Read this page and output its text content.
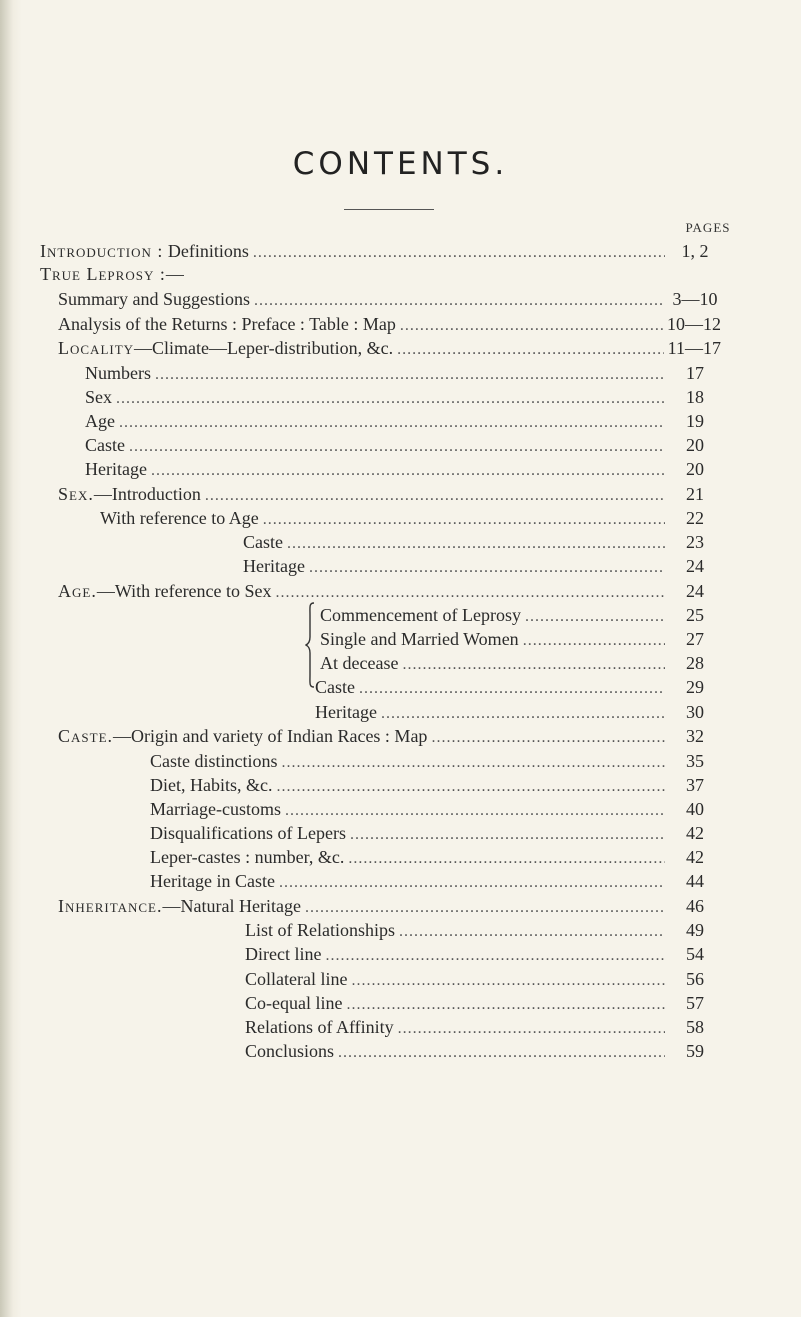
CONTENTS.
PAGES
Introduction : Definitions .....	1, 2
True Leprosy :—
Summary and Suggestions .....	3—10
Analysis of the Returns : Preface : Table : Map .....	10—12
Locality—Climate—Leper-distribution, &c. .....	11—17
Numbers .....	17
Sex .....	18
Age .....	19
Caste .....	20
Heritage .....	20
Sex.—Introduction .....	21
With reference to Age .....	22
Caste .....	23
Heritage .....	24
Age.—With reference to Sex .....	24
Commencement of Leprosy .....	25
Single and Married Women .....	27
At decease .....	28
Caste .....	29
Heritage .....	30
Caste.—Origin and variety of Indian Races : Map .....	32
Caste distinctions .....	35
Diet, Habits, &c. .....	37
Marriage-customs .....	40
Disqualifications of Lepers .....	42
Leper-castes : number, &c. .....	42
Heritage in Caste .....	44
Inheritance.—Natural Heritage .....	46
List of Relationships .....	49
Direct line .....	54
Collateral line .....	56
Co-equal line .....	57
Relations of Affinity .....	58
Conclusions .....	59
